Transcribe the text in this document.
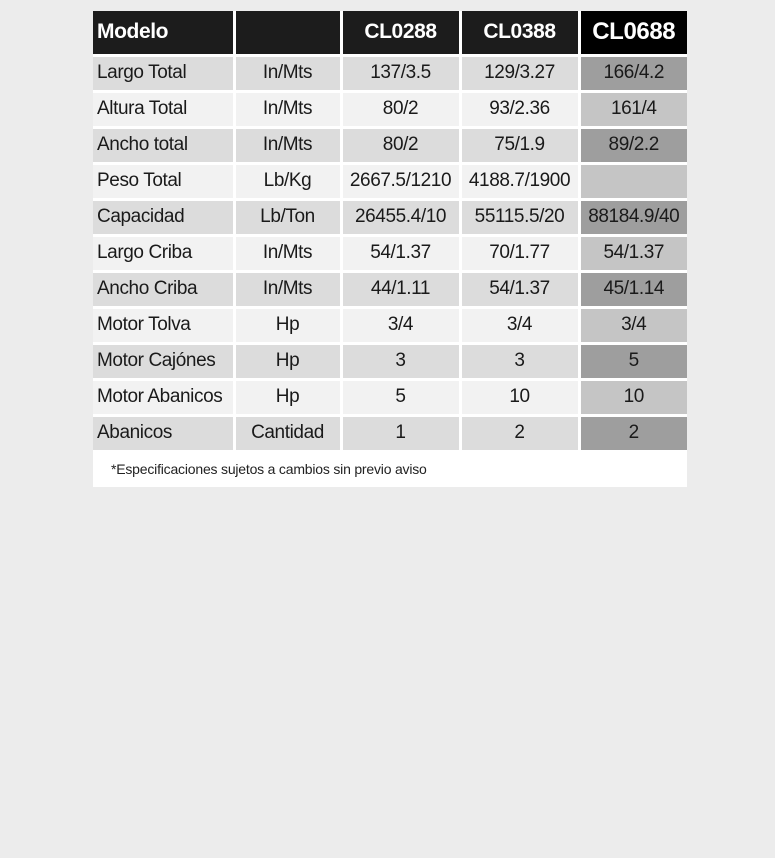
Modelo		CL0288	CL0388	CL0688
Largo Total	In/Mts	137/3.5	129/3.27	166/4.2
Altura Total	In/Mts	80/2	93/2.36	161/4
Ancho total	In/Mts	80/2	75/1.9	89/2.2
Peso Total	Lb/Kg	2667.5/1210	4188.7/1900	
Capacidad	Lb/Ton	26455.4/10	55115.5/20	88184.9/40
Largo Criba	In/Mts	54/1.37	70/1.77	54/1.37
Ancho Criba	In/Mts	44/1.11	54/1.37	45/1.14
Motor Tolva	Hp	3/4	3/4	3/4
Motor Cajónes	Hp	3	3	5
Motor Abanicos	Hp	5	10	10
Abanicos	Cantidad	1	2	2
*Especificaciones sujetos a cambios sin previo aviso
